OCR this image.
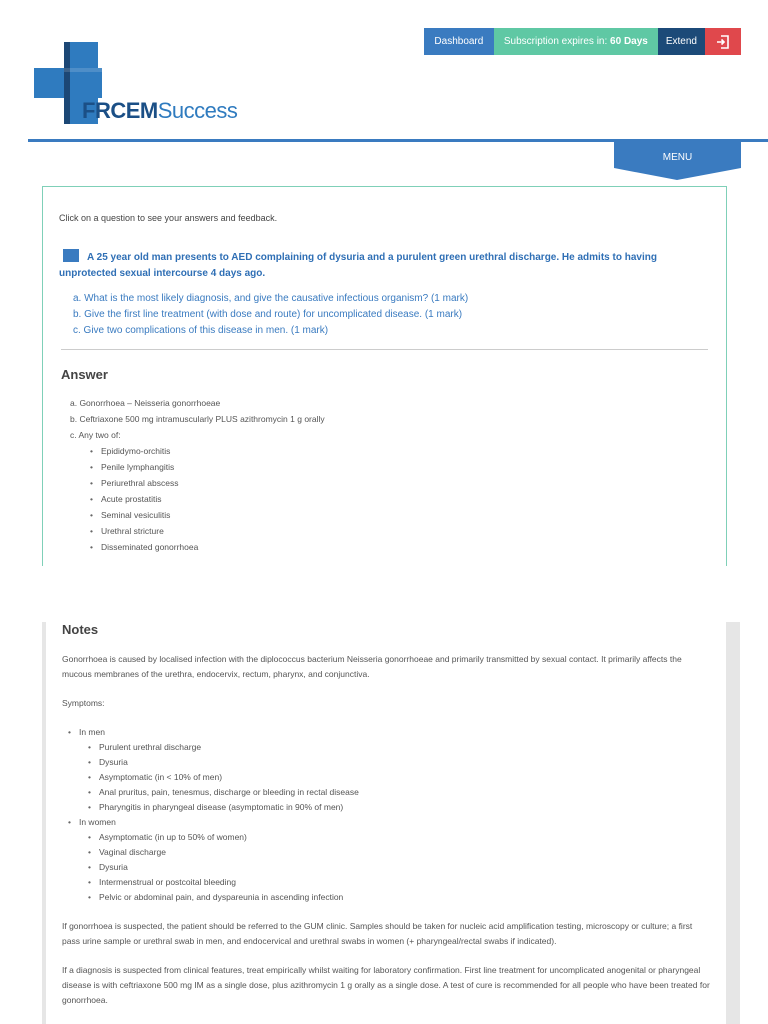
FRCEMSuccess
Dashboard	Subscription expires in: 60 Days	Extend
MENU
Click on a question to see your answers and feedback.
A 25 year old man presents to AED complaining of dysuria and a purulent green urethral discharge. He admits to having unprotected sexual intercourse 4 days ago.
a. What is the most likely diagnosis, and give the causative infectious organism? (1 mark)
b. Give the first line treatment (with dose and route) for uncomplicated disease. (1 mark)
c. Give two complications of this disease in men. (1 mark)
Answer
a. Gonorrhoea – Neisseria gonorrhoeae
b. Ceftriaxone 500 mg intramuscularly PLUS azithromycin 1 g orally
c. Any two of:
• Epididymo-orchitis
• Penile lymphangitis
• Periurethral abscess
• Acute prostatitis
• Seminal vesiculitis
• Urethral stricture
• Disseminated gonorrhoea
Notes

Gonorrhoea is caused by localised infection with the diplococcus bacterium Neisseria gonorrhoeae and primarily transmitted by sexual contact. It primarily affects the mucous membranes of the urethra, endocervix, rectum, pharynx, and conjunctiva.

Symptoms:

• In men
• Purulent urethral discharge
• Dysuria
• Asymptomatic (in < 10% of men)
• Anal pruritus, pain, tenesmus, discharge or bleeding in rectal disease
• Pharyngitis in pharyngeal disease (asymptomatic in 90% of men)
• In women
• Asymptomatic (in up to 50% of women)
• Vaginal discharge
• Dysuria
• Intermenstrual or postcoital bleeding
• Pelvic or abdominal pain, and dyspareunia in ascending infection

If gonorrhoea is suspected, the patient should be referred to the GUM clinic. Samples should be taken for nucleic acid amplification testing, microscopy or culture; a first pass urine sample or urethral swab in men, and endocervical and urethral swabs in women (+ pharyngeal/rectal swabs if indicated).

If a diagnosis is suspected from clinical features, treat empirically whilst waiting for laboratory confirmation. First line treatment for uncomplicated anogenital or pharyngeal disease is with ceftriaxone 500 mg IM as a single dose, plus azithromycin 1 g orally as a single dose. A test of cure is recommended for all people who have been treated for gonorrhoea.
